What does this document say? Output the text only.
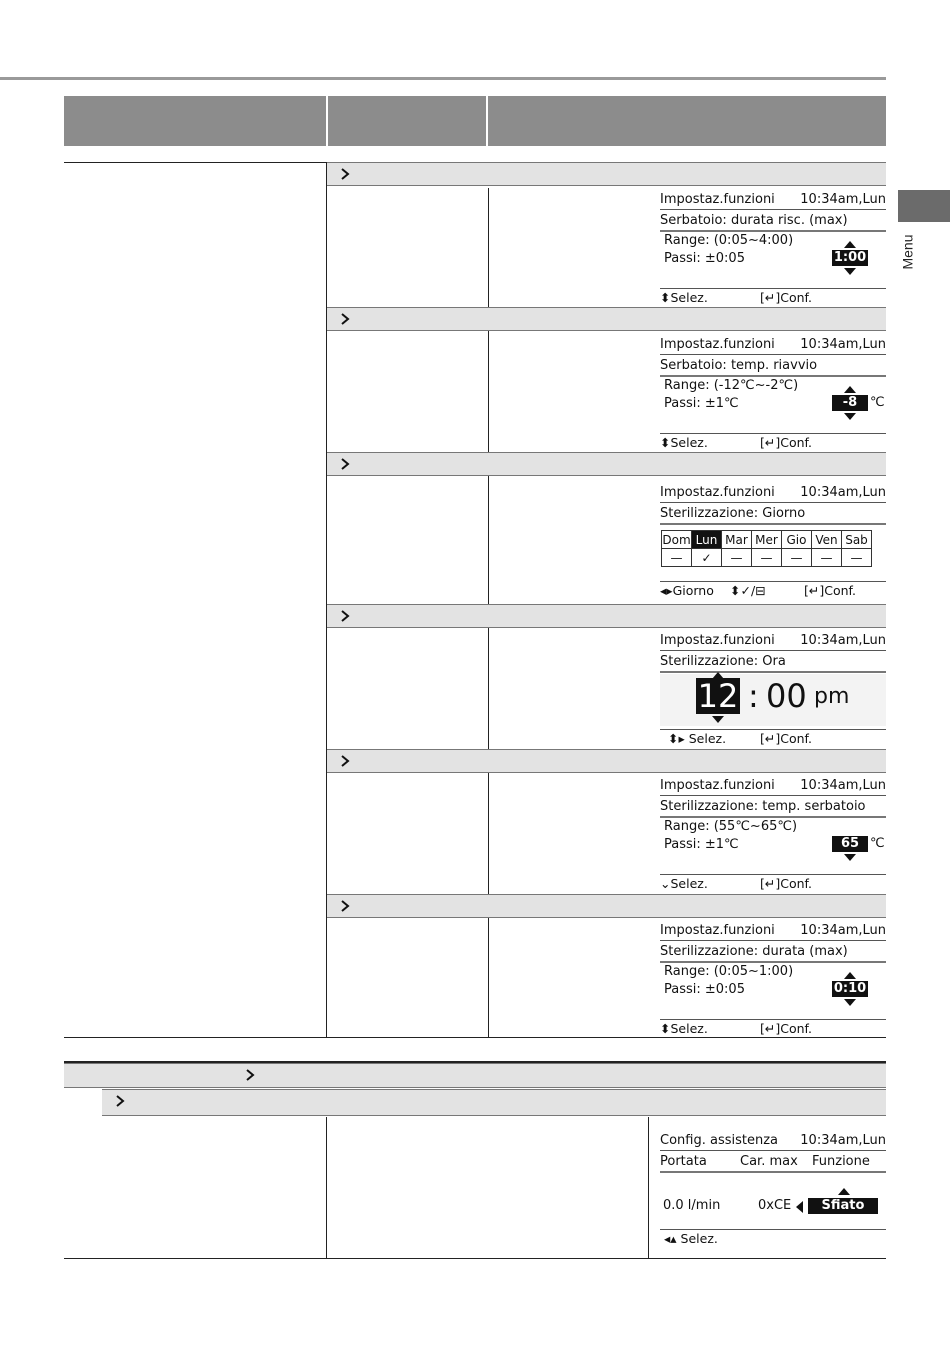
Menu
Impostaz.funzioni 10:34am,Lun
Serbatoio: durata risc. (max)
Range: (0:05~4:00)
Passi: ±0:05	1:00
⬍Selez.	[↵]Conf.
Impostaz.funzioni 10:34am,Lun
Serbatoio: temp. riavvio
Range: (-12℃~-2℃)
Passi: ±1℃	-8 ℃
⬍Selez.	[↵]Conf.
Impostaz.funzioni 10:34am,Lun
Sterilizzazione: Giorno
Dom	Lun	Mar	Mer	Gio	Ven	Sab
—	✓	—	—	—	—	—
◂▸Giorno ⬍✓/⊟	[↵]Conf.
Impostaz.funzioni 10:34am,Lun
Sterilizzazione: Ora
12 : 00 pm
⬍▸ Selez.	[↵]Conf.
Impostaz.funzioni 10:34am,Lun
Sterilizzazione: temp. serbatoio
Range: (55℃~65℃)
Passi: ±1℃	65 ℃
⌄Selez.	[↵]Conf.
Impostaz.funzioni 10:34am,Lun
Sterilizzazione: durata (max)
Range: (0:05~1:00)
Passi: ±0:05	0:10
⬍Selez.	[↵]Conf.
Config. assistenza 10:34am,Lun
Portata	Car. max Funzione
0.0 l/min	0xCE	Sfiato
◂▴ Selez.
